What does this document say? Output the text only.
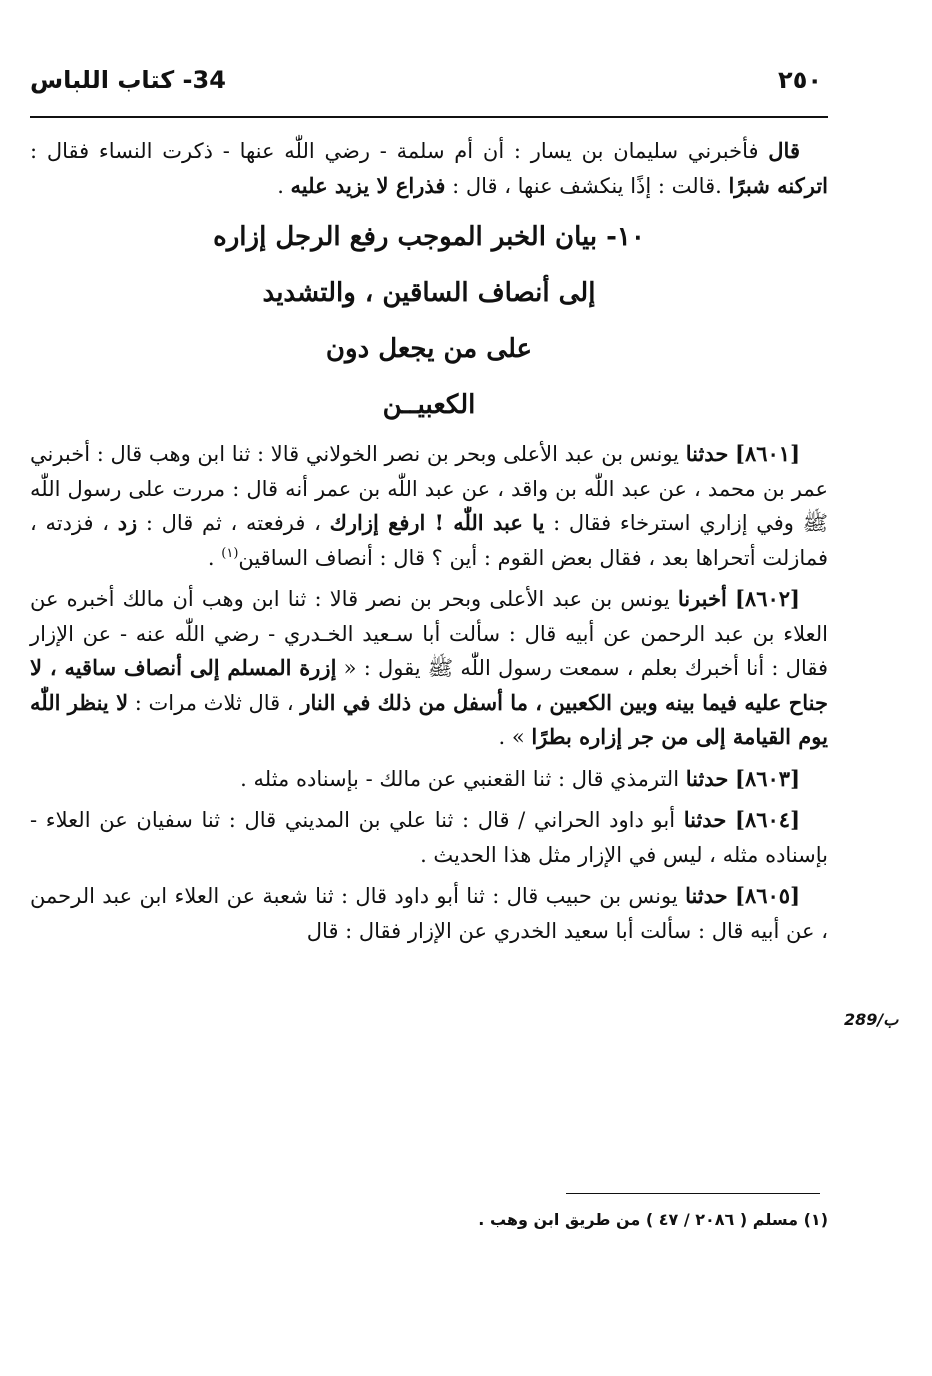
34- كتاب اللباس	٢٥٠

قال فأخبرني سليمان بن يسار : أن أم سلمة - رضي اللّٰه عنها - ذكرت النساء فقال : اتركنه شبرًا .قالت : إذًا ينكشف عنها ، قال : فذراع لا يزيد عليه .

١٠- بيان الخبر الموجب رفع الرجل إزاره

إلى أنصاف الساقين ، والتشديد

على من يجعل دون

الكعبيــن

[٨٦٠١] حدثنا يونس بن عبد الأعلى وبحر بن نصر الخولاني قالا : ثنا ابن وهب قال : أخبرني عمر بن محمد ، عن عبد اللّٰه بن واقد ، عن عبد اللّٰه بن عمر أنه قال : مررت على رسول اللّٰه ﷺ وفي إزاري استرخاء فقال : يا عبد اللّٰه ! ارفع إزارك ، فرفعته ، ثم قال : زد ، فزدته ، فمازلت أتحراها بعد ، فقال بعض القوم : أين ؟ قال : أنصاف الساقين$^{(١)}$ .

[٨٦٠٢] أخبرنا يونس بن عبد الأعلى وبحر بن نصر قالا : ثنا ابن وهب أن مالك أخبره عن العلاء بن عبد الرحمن عن أبيه قال : سألت أبا سـعيد الخـدري - رضي اللّٰه عنه - عن الإزار فقال : أنا أخبرك بعلم ، سمعت رسول اللّٰه ﷺ يقول : « إزرة المسلم إلى أنصاف ساقيه ، لا جناح عليه فيما بينه وبين الكعبين ، ما أسفل من ذلك في النار ، قال ثلاث مرات : لا ينظر اللّٰه يوم القيامة إلى من جر إزاره بطرًا » .

[٨٦٠٣] حدثنا الترمذي قال : ثنا القعنبي عن مالك - بإسناده مثله .

[٨٦٠٤] حدثنا أبو داود الحراني / قال : ثنا علي بن المديني قال : ثنا سفيان عن العلاء - بإسناده مثله ، ليس في الإزار مثل هذا الحديث .

[٨٦٠٥] حدثنا يونس بن حبيب قال : ثنا أبو داود قال : ثنا شعبة عن العلاء ابن عبد الرحمن ، عن أبيه قال : سألت أبا سعيد الخدري عن الإزار فقال : قال

289/ب
(١) مسلم ( ٢٠٨٦ / ٤٧ ) من طريق ابن وهب .
